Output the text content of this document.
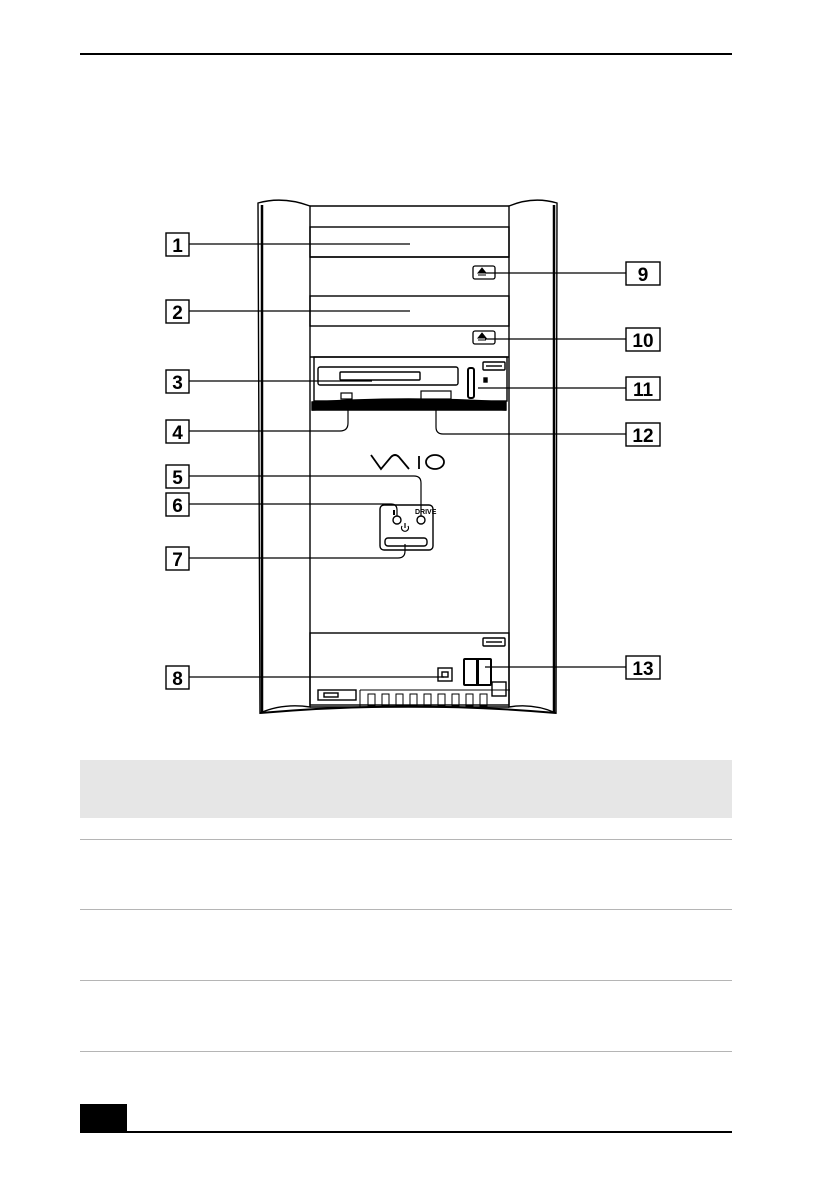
DRIVE
1
2
3
4
5
6
7
8
9
10
11
12
13
